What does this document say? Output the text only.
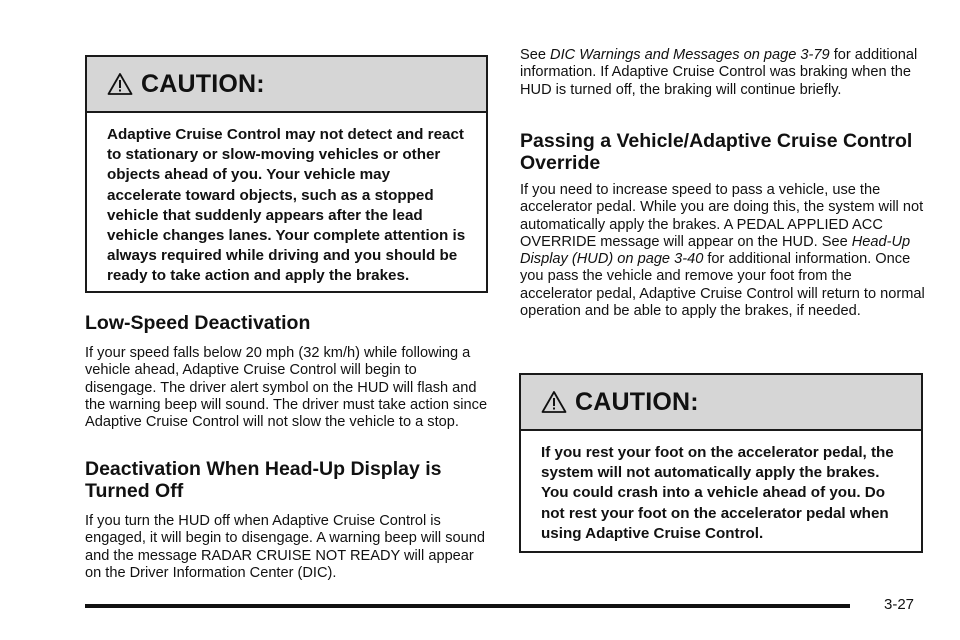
CAUTION:
Adaptive Cruise Control may not detect and react to stationary or slow-moving vehicles or other objects ahead of you. Your vehicle may accelerate toward objects, such as a stopped vehicle that suddenly appears after the lead vehicle changes lanes. Your complete attention is always required while driving and you should be ready to take action and apply the brakes.
Low-Speed Deactivation

If your speed falls below 20 mph (32 km/h) while following a vehicle ahead, Adaptive Cruise Control will begin to disengage. The driver alert symbol on the HUD will flash and the warning beep will sound. The driver must take action since Adaptive Cruise Control will not slow the vehicle to a stop.

Deactivation When Head-Up Display is Turned Off

If you turn the HUD off when Adaptive Cruise Control is engaged, it will begin to disengage. A warning beep will sound and the message RADAR CRUISE NOT READY will appear on the Driver Information Center (DIC).

See DIC Warnings and Messages on page 3-79 for additional information. If Adaptive Cruise Control was braking when the HUD is turned off, the braking will continue briefly.

Passing a Vehicle/Adaptive Cruise Control Override

If you need to increase speed to pass a vehicle, use the accelerator pedal. While you are doing this, the system will not automatically apply the brakes. A PEDAL APPLIED ACC OVERRIDE message will appear on the HUD. See Head-Up Display (HUD) on page 3-40 for additional information. Once you pass the vehicle and remove your foot from the accelerator pedal, Adaptive Cruise Control will return to normal operation and be able to apply the brakes, if needed.

CAUTION:
If you rest your foot on the accelerator pedal, the system will not automatically apply the brakes. You could crash into a vehicle ahead of you. Do not rest your foot on the accelerator pedal when using Adaptive Cruise Control.
3-27
